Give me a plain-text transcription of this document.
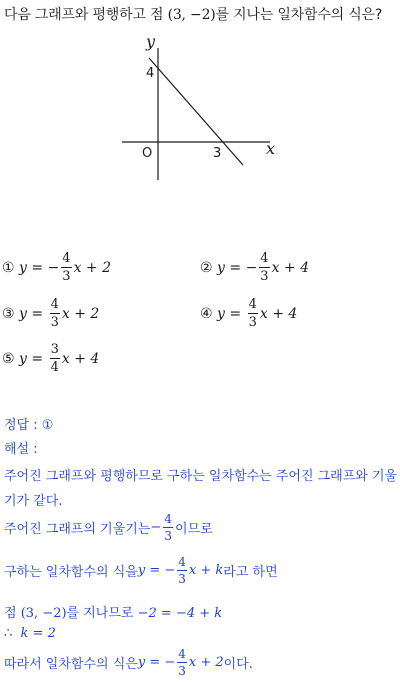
다음 그래프와 평행하고 점 (3, −2)를 지나는 일차함수의 식은?
y
x
O
4
3
①
y =
− $\frac{4}{3}$ x + 2	②
y =
− $\frac{4}{3}$ x + 4
③
y =
$\frac{4}{3}$ x + 2	④
y =
$\frac{4}{3}$ x + 4
⑤
y =
$\frac{3}{4}$ x + 4
정답 : ①
해설 :
주어진 그래프와 평행하므로 구하는 일차함수는 주어진 그래프와 기울
기가 같다.
주어진 그래프의 기울기는 − $\frac{4}{3}$ 이므로
구하는 일차함수의 식을 y = − $\frac{4}{3}$ x + k 라고 하면
점 (3, −2)를 지나므로 −2 = −4 + k
∴ k = 2
따라서 일차함수의 식은 y = − $\frac{4}{3}$ x + 2 이다.
